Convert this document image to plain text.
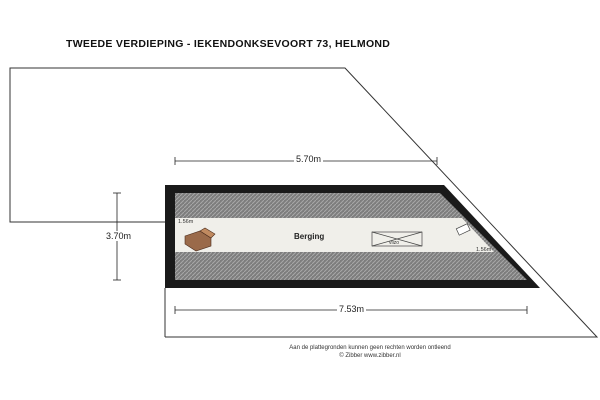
TWEEDE VERDIEPING - IEKENDONKSEVOORT 73, HELMOND
5.70m
7.53m
3.70m
1.56m
1.56m
Berging
vlizo
Aan de plattegronden kunnen geen rechten worden ontleend
© Zibber www.zibber.nl
